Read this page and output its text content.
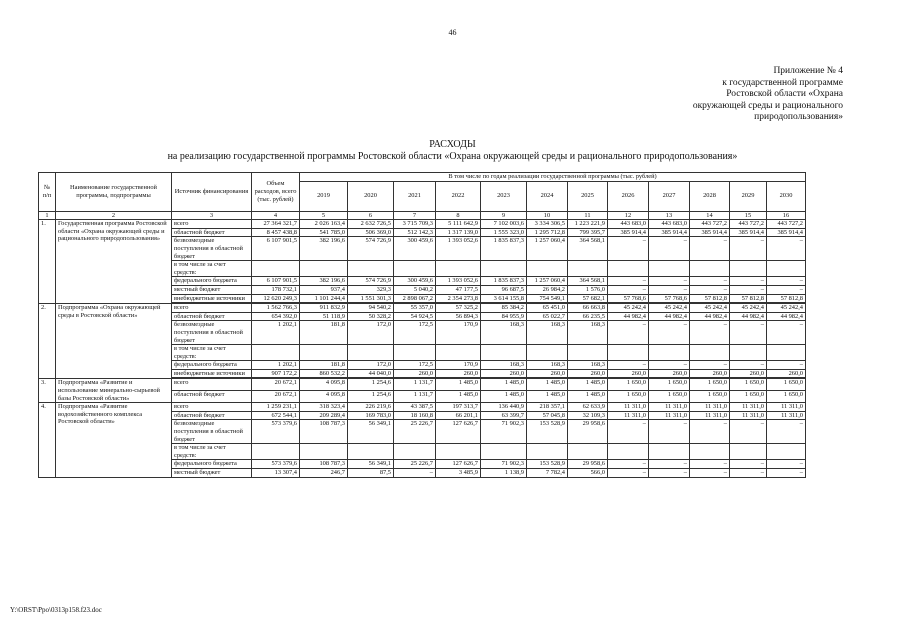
46
Приложение № 4
к государственной программе
Ростовской области «Охрана
окружающей среды и рационального
природопользования»
РАСХОДЫ
на реализацию государственной программы Ростовской области «Охрана окружающей среды и рационального природопользования»
№ п/п	Наименование государственной программы, подпрограммы	Источник финансирования	Объем расходов, всего (тыс. рублей)	В том числе по годам реализации государственной программы (тыс. рублей)											
				2019	2020	2021	2022	2023	2024	2025	2026	2027	2028	2029	2030
1	2	3	4	5	6	7	8	9	10	11	12	13	14	15	16
1.	Государственная программа Ростовской области «Охрана окружающей среды и рационального природопользования»	всего	27 364 321,7	2 026 163,4	2 632 726,5	3 715 709,3	5 111 642,9	7 102 003,6	3 334 306,5	1 223 221,9	443 683,0	443 683,0	443 727,2	443 727,2	443 727,2
		областной бюджет	8 457 438,8	541 785,0	506 369,0	512 142,3	1 317 139,0	1 555 323,0	1 295 712,8	799 395,7	385 914,4	385 914,4	385 914,4	385 914,4	385 914,4
		безвозмездные поступления в областной бюджет	6 107 901,5	382 196,6	574 726,9	300 459,6	1 393 052,6	1 835 837,3	1 257 060,4	364 568,1	–	–	–	–	–
		в том числе за счет средств:													
		федерального бюджета	6 107 901,5	382 196,6	574 726,9	300 459,6	1 393 052,6	1 835 837,3	1 257 060,4	364 568,1	–	–	–	–	–
		местный бюджет	178 732,1	937,4	329,3	5 040,2	47 177,5	96 687,5	26 984,2	1 576,0	–	–	–	–	–
		внебюджетные источники	12 620 249,3	1 101 244,4	1 551 301,3	2 898 067,2	2 354 273,8	3 614 155,8	754 549,1	57 682,1	57 768,6	57 768,6	57 812,8	57 812,8	57 812,8

2.	Подпрограмма «Охрана окружающей среды в Ростовской области»	всего	1 562 766,3	911 832,9	94 540,2	55 357,0	57 325,2	85 384,2	65 451,0	66 663,8	45 242,4	45 242,4	45 242,4	45 242,4	45 242,4
		областной бюджет	654 392,0	51 118,9	50 328,2	54 924,5	56 894,3	84 955,9	65 022,7	66 235,5	44 982,4	44 982,4	44 982,4	44 982,4	44 982,4
		безвозмездные поступления в областной бюджет	1 202,1	181,8	172,0	172,5	170,9	168,3	168,3	168,3	–	–	–	–	–
		в том числе за счет средств:													
		федерального бюджета	1 202,1	181,8	172,0	172,5	170,9	168,3	168,3	168,3	–	–	–	–	–
		внебюджетные источники	907 172,2	860 532,2	44 040,0	260,0	260,0	260,0	260,0	260,0	260,0	260,0	260,0	260,0	260,0

3.	Подпрограмма «Развитие и использование минерально-сырьевой базы Ростовской области»	всего	20 672,1	4 095,8	1 254,6	1 131,7	1 485,0	1 485,0	1 485,0	1 485,0	1 650,0	1 650,0	1 650,0	1 650,0	1 650,0
		областной бюджет	20 672,1	4 095,8	1 254,6	1 131,7	1 485,0	1 485,0	1 485,0	1 485,0	1 650,0	1 650,0	1 650,0	1 650,0	1 650,0
4.	Подпрограмма «Развитие водохозяйственного комплекса Ростовской области»	всего	1 259 231,1	318 323,4	226 219,6	43 387,5	197 313,7	136 440,9	218 357,1	62 633,9	11 311,0	11 311,0	11 311,0	11 311,0	11 311,0
		областной бюджет	672 544,1	209 289,4	169 783,0	18 160,8	66 201,1	63 399,7	57 045,8	32 109,3	11 311,0	11 311,0	11 311,0	11 311,0	11 311,0
		безвозмездные поступления в областной бюджет	573 379,6	108 787,3	56 349,1	25 226,7	127 626,7	71 902,3	153 528,9	29 958,6	–	–	–	–	–
		в том числе за счет средств:													
		федерального бюджета	573 379,6	108 787,3	56 349,1	25 226,7	127 626,7	71 902,3	153 528,9	29 958,6	–	–	–	–	–
		местный бюджет	13 307,4	246,7	87,5	–	3 485,9	1 138,9	7 782,4	566,0	–	–	–	–	–
Y:\ORST\Ppo\0313p158.f23.doc
